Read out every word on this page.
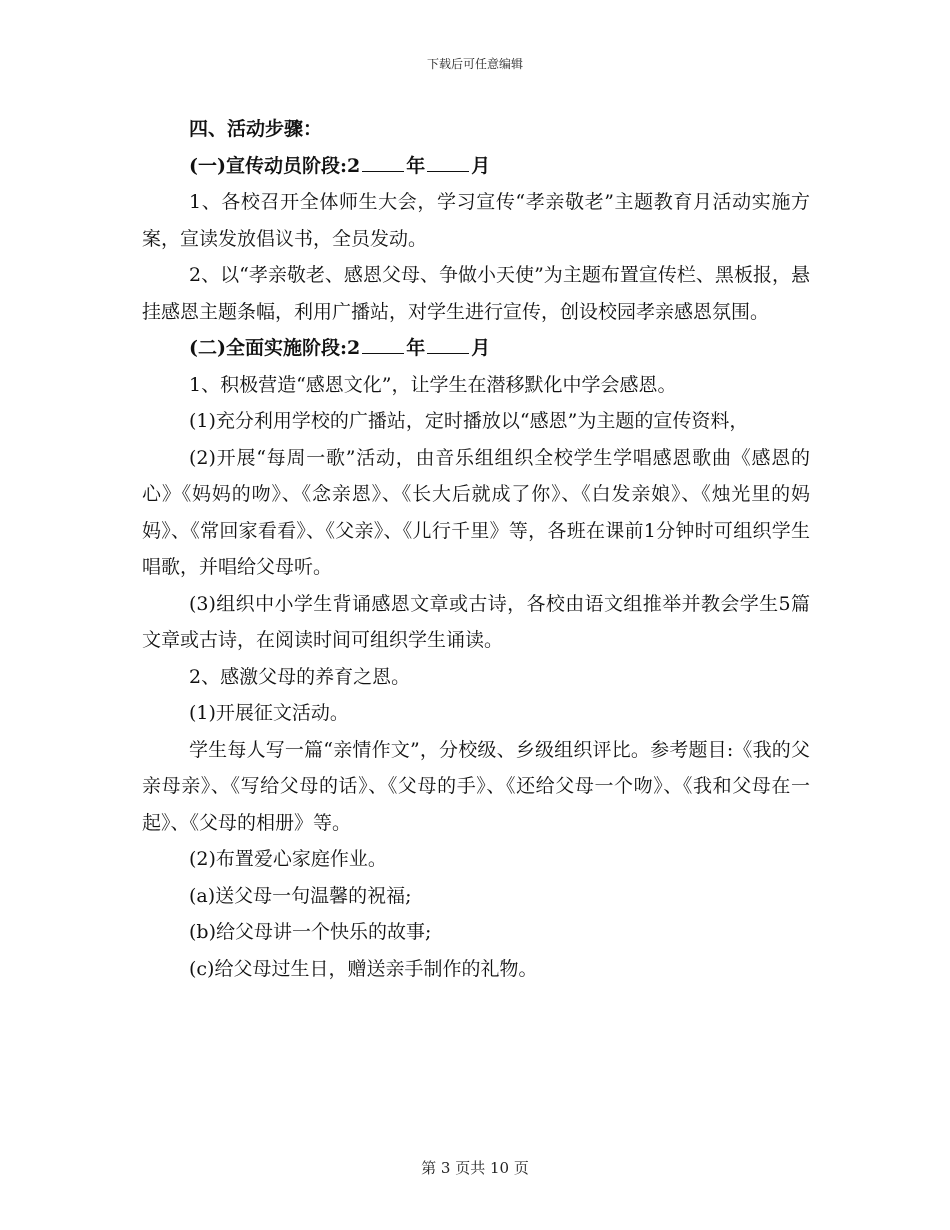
下载后可任意编辑

四、活动步骤：

(一)宣传动员阶段:2 年 月

1、各校召开全体师生大会，学习宣传“孝亲敬老”主题教育月活动实施方案，宣读发放倡议书，全员发动。

2、以“孝亲敬老、感恩父母、争做小天使”为主题布置宣传栏、黑板报，悬挂感恩主题条幅，利用广播站，对学生进行宣传，创设校园孝亲感恩氛围。

(二)全面实施阶段:2 年 月

1、积极营造“感恩文化”，让学生在潜移默化中学会感恩。

(1)充分利用学校的广播站，定时播放以“感恩”为主题的宣传资料，

(2)开展“每周一歌”活动，由音乐组组织全校学生学唱感恩歌曲《感恩的心》《妈妈的吻》、《念亲恩》、《长大后就成了你》、《白发亲娘》、《烛光里的妈妈》、《常回家看看》、《父亲》、《儿行千里》等，各班在课前1分钟时可组织学生唱歌，并唱给父母听。

(3)组织中小学生背诵感恩文章或古诗，各校由语文组推举并教会学生5篇文章或古诗，在阅读时间可组织学生诵读。

2、感激父母的养育之恩。

(1)开展征文活动。

学生每人写一篇“亲情作文”，分校级、乡级组织评比。参考题目:《我的父亲母亲》、《写给父母的话》、《父母的手》、《还给父母一个吻》、《我和父母在一起》、《父母的相册》等。

(2)布置爱心家庭作业。

(a)送父母一句温馨的祝福;

(b)给父母讲一个快乐的故事;

(c)给父母过生日，赠送亲手制作的礼物。

第 3 页共 10 页
